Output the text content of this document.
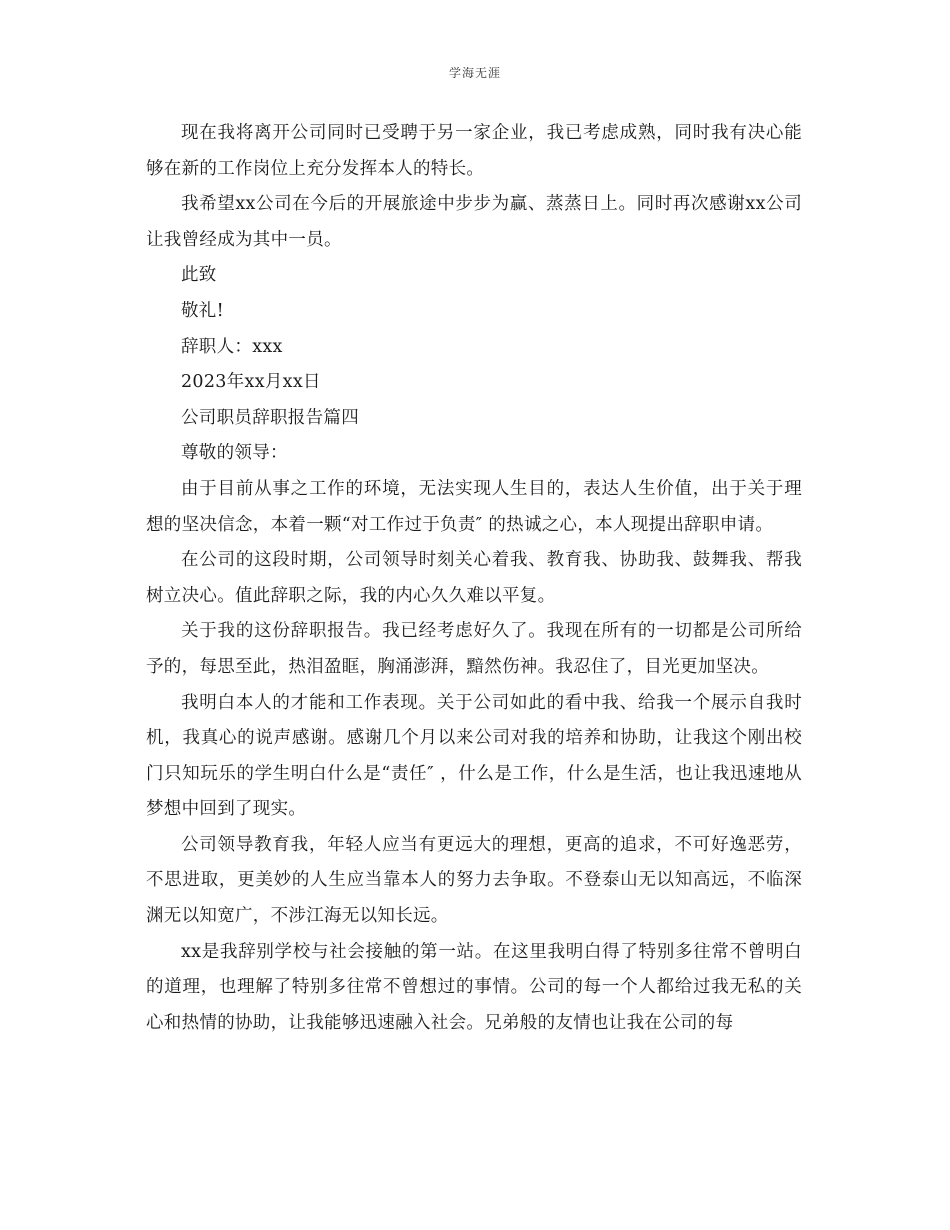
学海无涯

现在我将离开公司同时已受聘于另一家企业，我已考虑成熟，同时我有决心能够在新的工作岗位上充分发挥本人的特长。

我希望xx公司在今后的开展旅途中步步为赢、蒸蒸日上。同时再次感谢xx公司让我曾经成为其中一员。

此致

敬礼!

辞职人：xxx

2023年xx月xx日

公司职员辞职报告篇四

尊敬的领导：

由于目前从事之工作的环境，无法实现人生目的，表达人生价值，出于关于理想的坚决信念，本着一颗“对工作过于负责″ 的热诚之心，本人现提出辞职申请。

在公司的这段时期，公司领导时刻关心着我、教育我、协助我、鼓舞我、帮我树立决心。值此辞职之际，我的内心久久难以平复。

关于我的这份辞职报告。我已经考虑好久了。我现在所有的一切都是公司所给予的，每思至此，热泪盈眶，胸涌澎湃，黯然伤神。我忍住了，目光更加坚决。

我明白本人的才能和工作表现。关于公司如此的看中我、给我一个展示自我时机，我真心的说声感谢。感谢几个月以来公司对我的培养和协助，让我这个刚出校门只知玩乐的学生明白什么是“责任″ ，什么是工作，什么是生活，也让我迅速地从梦想中回到了现实。

公司领导教育我，年轻人应当有更远大的理想，更高的追求，不可好逸恶劳，不思进取，更美妙的人生应当靠本人的努力去争取。不登泰山无以知高远，不临深渊无以知宽广，不涉江海无以知长远。

xx是我辞别学校与社会接触的第一站。在这里我明白得了特别多往常不曾明白的道理，也理解了特别多往常不曾想过的事情。公司的每一个人都给过我无私的关心和热情的协助，让我能够迅速融入社会。兄弟般的友情也让我在公司的每
